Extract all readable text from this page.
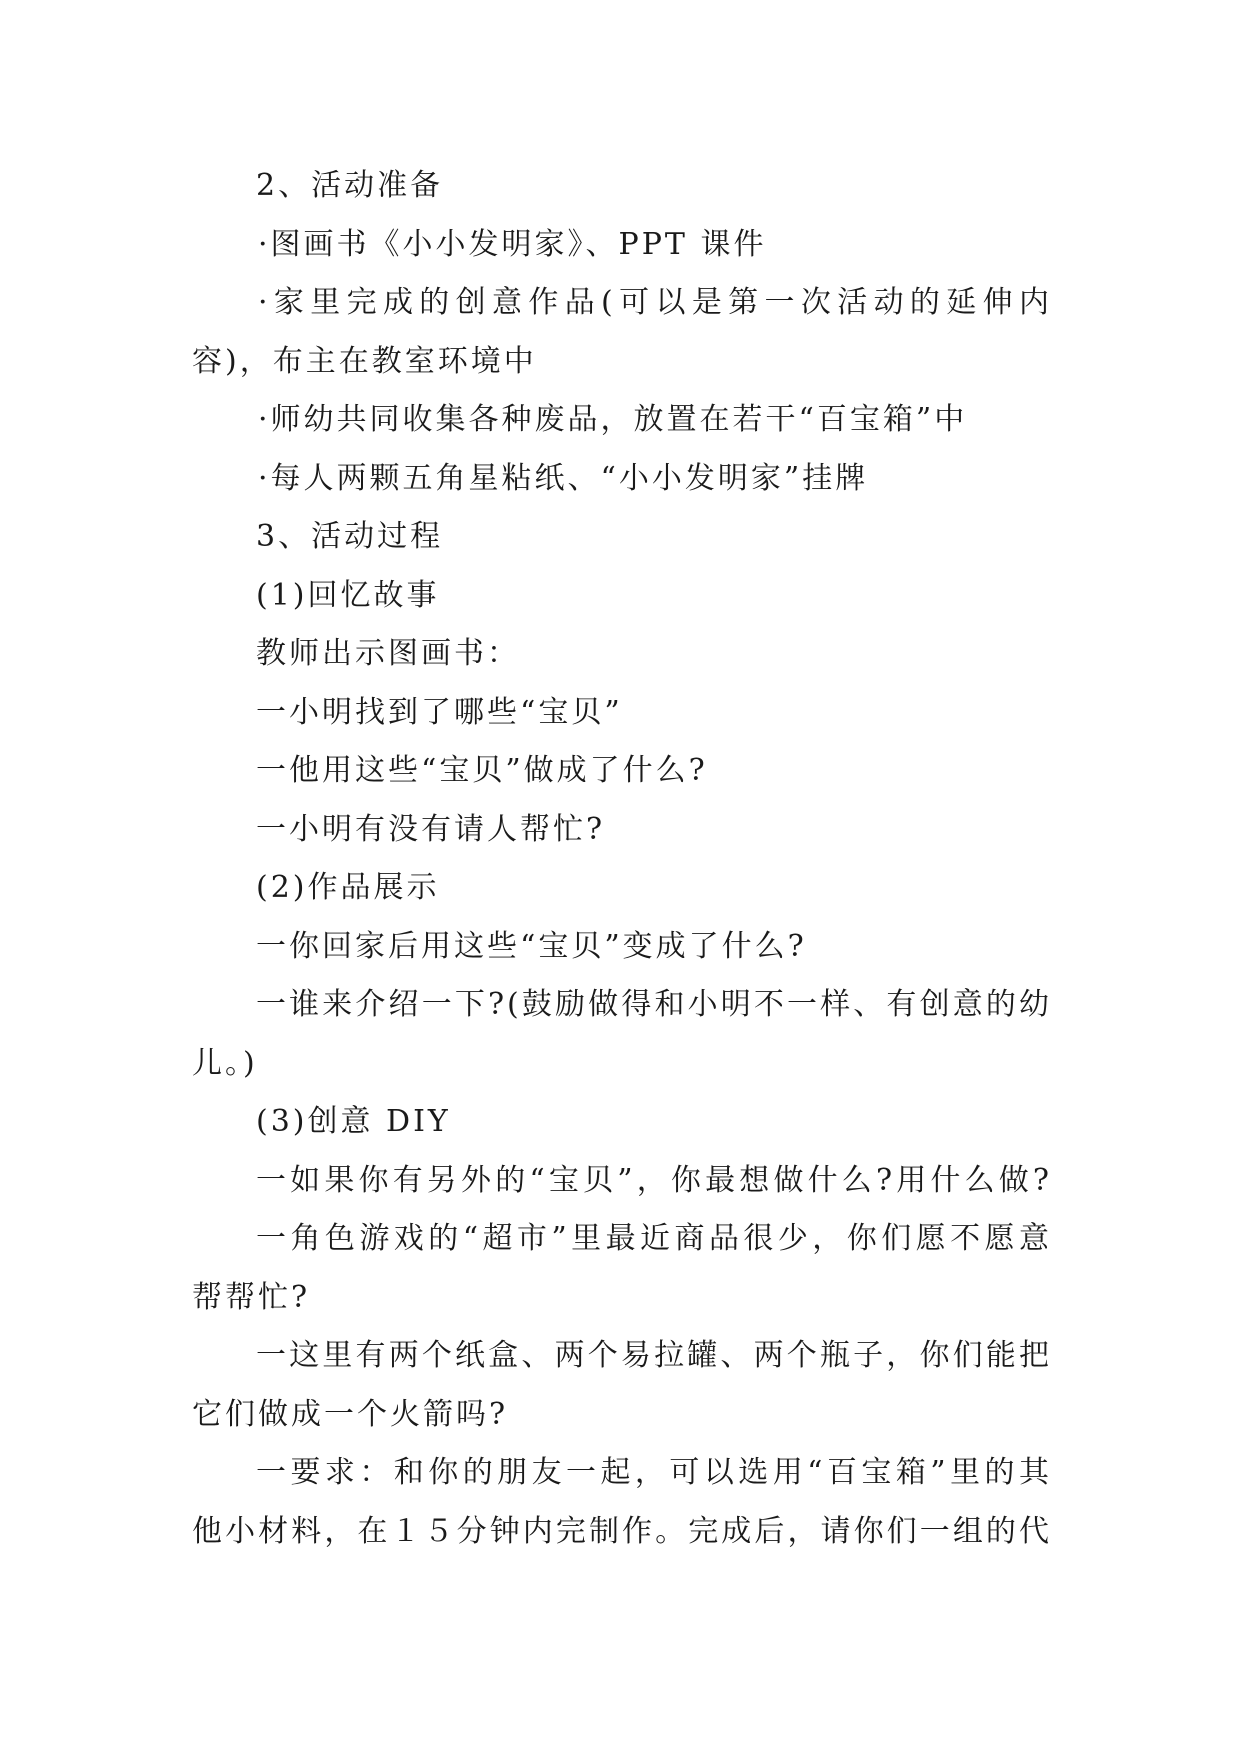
2、活动准备
·图画书《小小发明家》、PPT 课件
·家里完成的创意作品(可以是第一次活动的延伸内
容)，布主在教室环境中
·师幼共同收集各种废品，放置在若干“百宝箱”中
·每人两颗五角星粘纸、“小小发明家”挂牌
3、活动过程
(1)回忆故事
教师出示图画书：
一小明找到了哪些“宝贝”
一他用这些“宝贝”做成了什么?
一小明有没有请人帮忙?
(2)作品展示
一你回家后用这些“宝贝”变成了什么?
一谁来介绍一下?(鼓励做得和小明不一样、有创意的幼
儿。)
(3)创意 DIY
一如果你有另外的“宝贝”，你最想做什么?用什么做?
一角色游戏的“超市”里最近商品很少，你们愿不愿意
帮帮忙?
一这里有两个纸盒、两个易拉罐、两个瓶子，你们能把
它们做成一个火箭吗?
一要求：和你的朋友一起，可以选用“百宝箱”里的其
他小材料，在１５分钟内完制作。完成后，请你们一组的代
